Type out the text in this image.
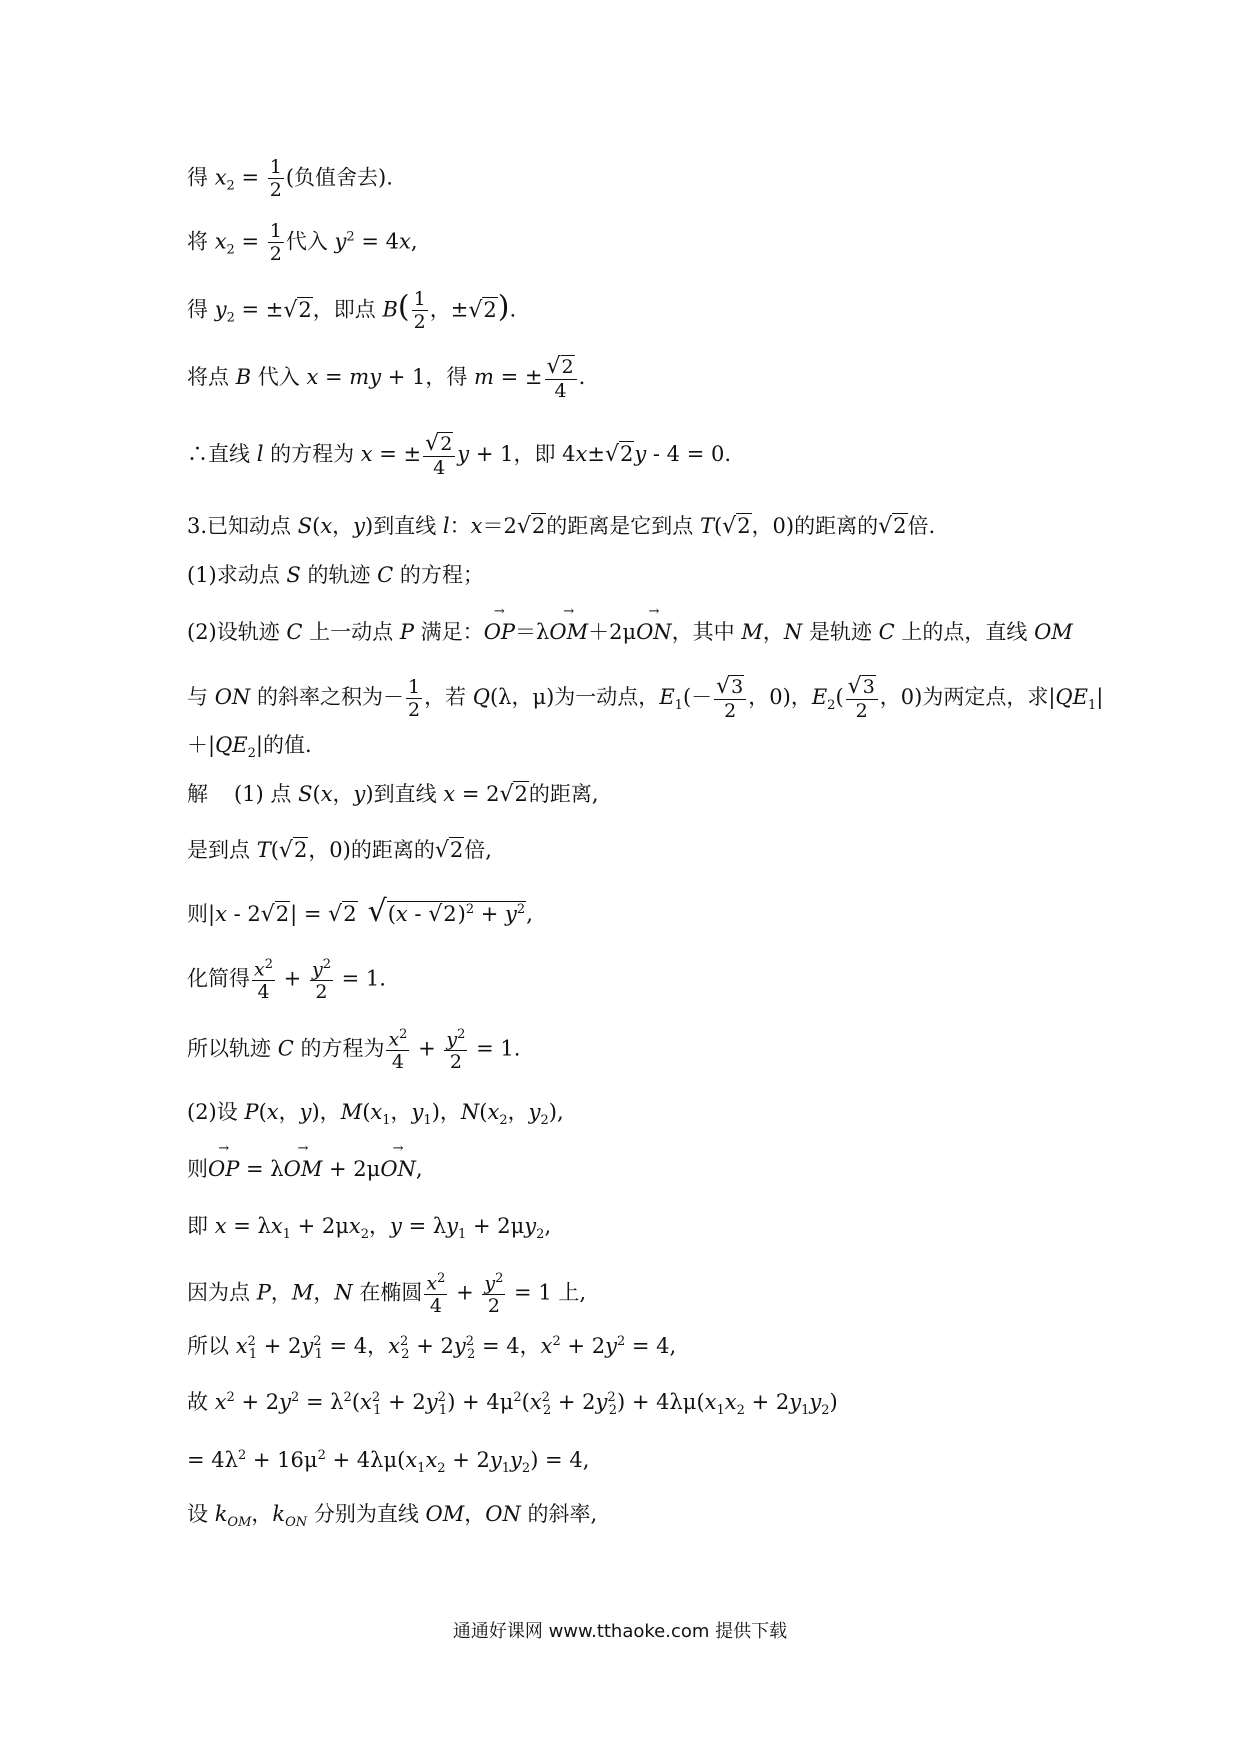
得 $x_2 = \frac{1}{2}$ (负值舍去).
将 $x_2 = \frac{1}{2}$ 代入 $y^2 = 4x$,
得 $y_2 = \pm√2$，即点 $B( \frac{1}{2}$ ，±√2).
将点 B 代入 x = my + 1，得 m = ± $\frac{√2}{4}$ .
∴直线 l 的方程为 x = ± $\frac{√2}{4}$ y + 1，即 4x±√2y - 4 = 0.
3.已知动点 S(x，y)到直线 l：x＝2√2的距离是它到点 T(√2，0)的距离的√2倍.
(1)求动点 S 的轨迹 C 的方程；
(2)设轨迹 C 上一动点 P 满足：
→
OP＝λ
→
OM＋2μ
→
ON，其中 M，N 是轨迹 C 上的点，直线 OM
与 ON 的斜率之积为－ $\frac{1}{2}$ ，若 Q(λ，μ)为一动点，$E_1(- \frac{√3}{2}$ ，0)，$E_2( \frac{√3}{2}$ ，0)为两定点，求$|QE_1|$
$+|QE_2|$的值.
解 (1) 点 S(x，y)到直线 x = 2√2的距离,
是到点 T(√2，0)的距离的√2倍,
则|x - 2√2| = √2 $√(x - √2)^2 + y^2$,
化简得 $\frac{x^2}{4} + \frac{y^2}{2} = 1$.
所以轨迹 C 的方程为 $\frac{x^2}{4} + \frac{y^2}{2} = 1$.
(2)设 P(x，y)，$M(x_1$，$y_1$)，$N(x_2$，$y_2$),
则
→
OP = λ
→
OM + 2μ
→
ON,
即 $x = \lambda x_1 + 2\mu x_2$，$y = \lambda y_1 + 2\mu y_2$,
因为点 P，M，N 在椭圆 $\frac{x^2}{4} + \frac{y^2}{2} = 1$ 上,
所以 $x^2_1 + 2y^2_1 = 4$，$x^2_2 + 2y^2_2 = 4$，$x^2 + 2y^2 = 4$,
故 $x^2 + 2y^2 = \lambda^2(x^2_1 + 2y^2_1) + 4\mu^2(x^2_2 + 2y^2_2) + 4\lambda\mu(x_1x_2 + 2y_1y_2)$
= $4\lambda^2 + 16\mu^2 + 4\lambda\mu(x_1x_2 + 2y_1y_2) = 4$,
设 $k_{OM}$，$k_{ON}$ 分别为直线 OM，ON 的斜率,
通通好课网 www.tthaoke.com 提供下载
